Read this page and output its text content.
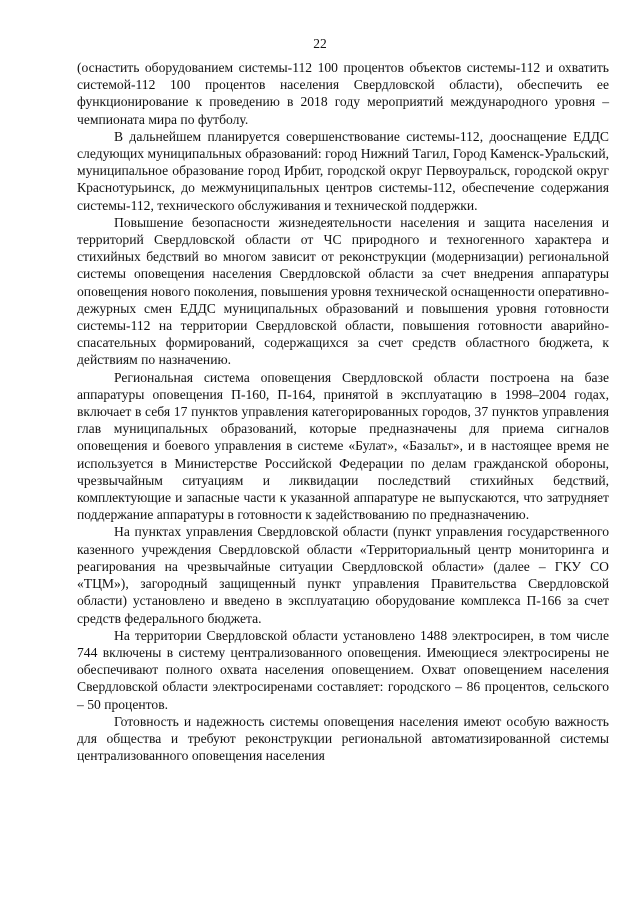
22

(оснастить оборудованием системы-112 100 процентов объектов системы-112 и охватить системой-112 100 процентов населения Свердловской области), обеспечить ее функционирование к проведению в 2018 году мероприятий международного уровня – чемпионата мира по футболу.

В дальнейшем планируется совершенствование системы-112, дооснащение ЕДДС следующих муниципальных образований: город Нижний Тагил, Город Каменск-Уральский, муниципальное образование город Ирбит, городской округ Первоуральск, городской округ Краснотурьинск, до межмуниципальных центров системы-112, обеспечение содержания системы-112, технического обслуживания и технической поддержки.

Повышение безопасности жизнедеятельности населения и защита населения и территорий Свердловской области от ЧС природного и техногенного характера и стихийных бедствий во многом зависит от реконструкции (модернизации) региональной системы оповещения населения Свердловской области за счет внедрения аппаратуры оповещения нового поколения, повышения уровня технической оснащенности оперативно-дежурных смен ЕДДС муниципальных образований и повышения уровня готовности системы-112 на территории Свердловской области, повышения готовности аварийно-спасательных формирований, содержащихся за счет средств областного бюджета, к действиям по назначению.

Региональная система оповещения Свердловской области построена на базе аппаратуры оповещения П-160, П-164, принятой в эксплуатацию в 1998–2004 годах, включает в себя 17 пунктов управления категорированных городов, 37 пунктов управления глав муниципальных образований, которые предназначены для приема сигналов оповещения и боевого управления в системе «Булат», «Базальт», и в настоящее время не используется в Министерстве Российской Федерации по делам гражданской обороны, чрезвычайным ситуациям и ликвидации последствий стихийных бедствий, комплектующие и запасные части к указанной аппаратуре не выпускаются, что затрудняет поддержание аппаратуры в готовности к задействованию по предназначению.

На пунктах управления Свердловской области (пункт управления государственного казенного учреждения Свердловской области «Территориальный центр мониторинга и реагирования на чрезвычайные ситуации Свердловской области» (далее – ГКУ СО «ТЦМ»), загородный защищенный пункт управления Правительства Свердловской области) установлено и введено в эксплуатацию оборудование комплекса П-166 за счет средств федерального бюджета.

На территории Свердловской области установлено 1488 электросирен, в том числе 744 включены в систему централизованного оповещения. Имеющиеся электросирены не обеспечивают полного охвата населения оповещением. Охват оповещением населения Свердловской области электросиренами составляет: городского – 86 процентов, сельского – 50 процентов.

Готовность и надежность системы оповещения населения имеют особую важность для общества и требуют реконструкции региональной автоматизированной системы централизованного оповещения населения
